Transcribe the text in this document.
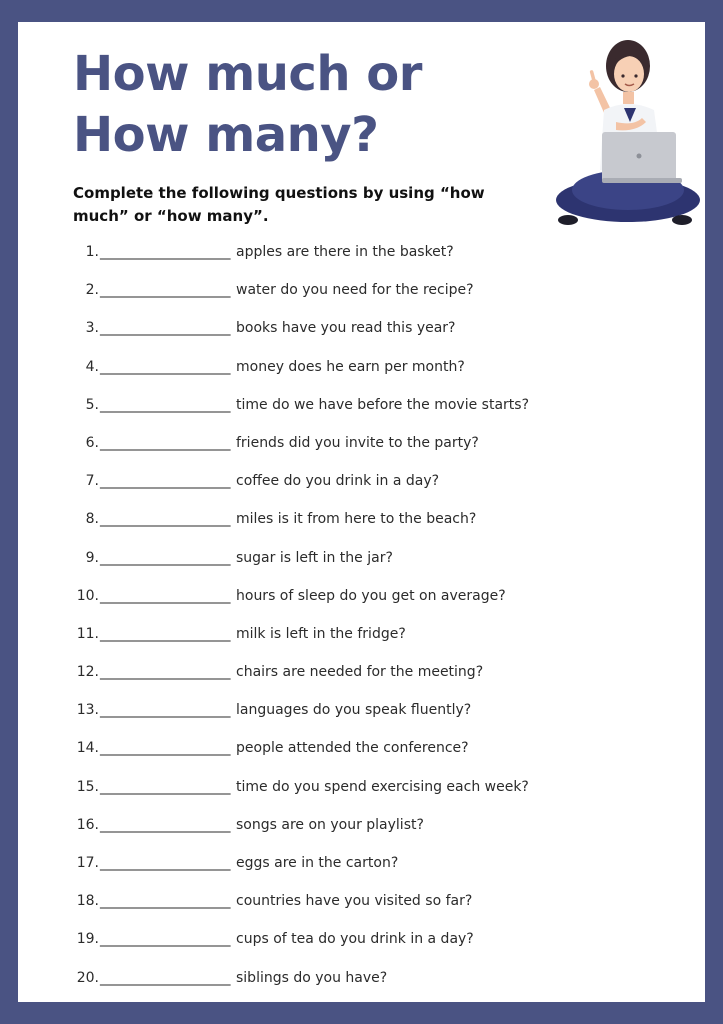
How much or
How many?

Complete the following questions by using “how much” or “how many”.

1. ____________________ apples are there in the basket?
2. ____________________ water do you need for the recipe?
3. ____________________ books have you read this year?
4. ____________________ money does he earn per month?
5. ____________________ time do we have before the movie starts?
6. ____________________ friends did you invite to the party?
7. ____________________ coffee do you drink in a day?
8. ____________________ miles is it from here to the beach?
9. ____________________ sugar is left in the jar?
10. ____________________ hours of sleep do you get on average?
11. ____________________ milk is left in the fridge?
12. ____________________ chairs are needed for the meeting?
13. ____________________ languages do you speak fluently?
14. ____________________ people attended the conference?
15. ____________________ time do you spend exercising each week?
16. ____________________ songs are on your playlist?
17. ____________________ eggs are in the carton?
18. ____________________ countries have you visited so far?
19. ____________________ cups of tea do you drink in a day?
20. ____________________ siblings do you have?
